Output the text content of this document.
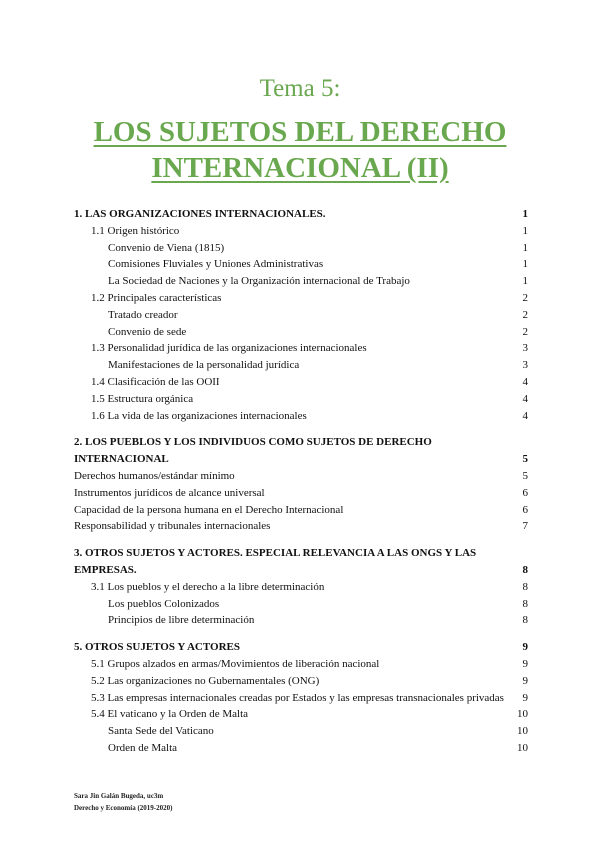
Tema 5:
LOS SUJETOS DEL DERECHO
INTERNACIONAL (II)
1. LAS ORGANIZACIONES INTERNACIONALES.	1
1.1 Origen histórico	1
Convenio de Viena (1815)	1
Comisiones Fluviales y Uniones Administrativas	1
La Sociedad de Naciones y la Organización internacional de Trabajo	1
1.2 Principales características	2
Tratado creador	2
Convenio de sede	2
1.3 Personalidad jurídica de las organizaciones internacionales	3
Manifestaciones de la personalidad jurídica	3
1.4 Clasificación de las OOII	4
1.5 Estructura orgánica	4
1.6 La vida de las organizaciones internacionales	4
2. LOS PUEBLOS Y LOS INDIVIDUOS COMO SUJETOS DE DERECHO INTERNACIONAL	5
Derechos humanos/estándar mínimo	5
Instrumentos jurídicos de alcance universal	6
Capacidad de la persona humana en el Derecho Internacional	6
Responsabilidad y tribunales internacionales	7
3. OTROS SUJETOS Y ACTORES. ESPECIAL RELEVANCIA A LAS ONGS Y LAS EMPRESAS.	8
3.1 Los pueblos y el derecho a la libre determinación	8
Los pueblos Colonizados	8
Principios de libre determinación	8
5. OTROS SUJETOS Y ACTORES	9
5.1 Grupos alzados en armas/Movimientos de liberación nacional	9
5.2 Las organizaciones no Gubernamentales (ONG)	9
5.3 Las empresas internacionales creadas por Estados y las empresas transnacionales privadas	9
5.4 El vaticano y la Orden de Malta	10
Santa Sede del Vaticano	10
Orden de Malta	10
Sara Jin Galán Bugeda, uc3m
Derecho y Economía (2019-2020)
